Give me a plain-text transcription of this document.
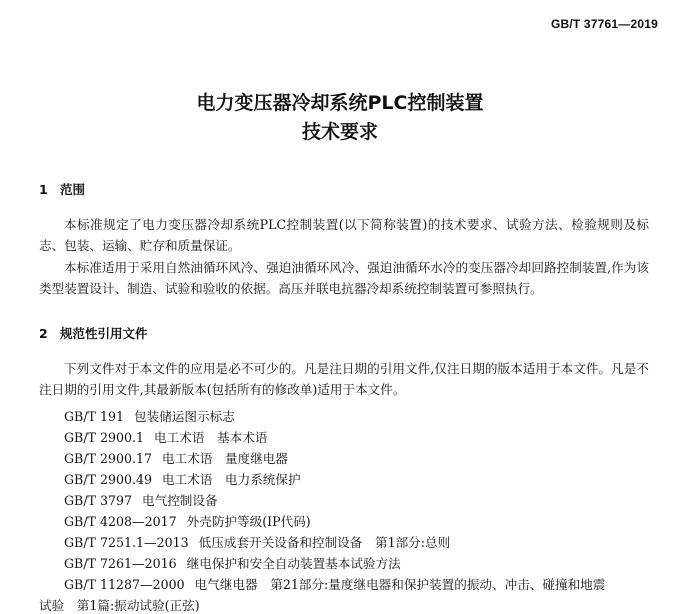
GB/T 37761—2019
电力变压器冷却系统PLC控制装置
技术要求
1 范围
本标准规定了电力变压器冷却系统PLC控制装置(以下简称装置)的技术要求、试验方法、检验规则及标志、包装、运输、贮存和质量保证。
本标准适用于采用自然油循环风冷、强迫油循环风冷、强迫油循环水冷的变压器冷却回路控制装置,作为该类型装置设计、制造、试验和验收的依据。高压并联电抗器冷却系统控制装置可参照执行。
2 规范性引用文件
下列文件对于本文件的应用是必不可少的。凡是注日期的引用文件,仅注日期的版本适用于本文件。凡是不注日期的引用文件,其最新版本(包括所有的修改单)适用于本文件。
GB/T 191 包装储运图示标志
GB/T 2900.1 电工术语　基本术语
GB/T 2900.17 电工术语　量度继电器
GB/T 2900.49 电工术语　电力系统保护
GB/T 3797 电气控制设备
GB/T 4208—2017 外壳防护等级(IP代码)
GB/T 7251.1—2013 低压成套开关设备和控制设备　第1部分:总则
GB/T 7261—2016 继电保护和安全自动装置基本试验方法
GB/T 11287—2000 电气继电器　第21部分:量度继电器和保护装置的振动、冲击、碰撞和地震
试验　第1篇:振动试验(正弦)
